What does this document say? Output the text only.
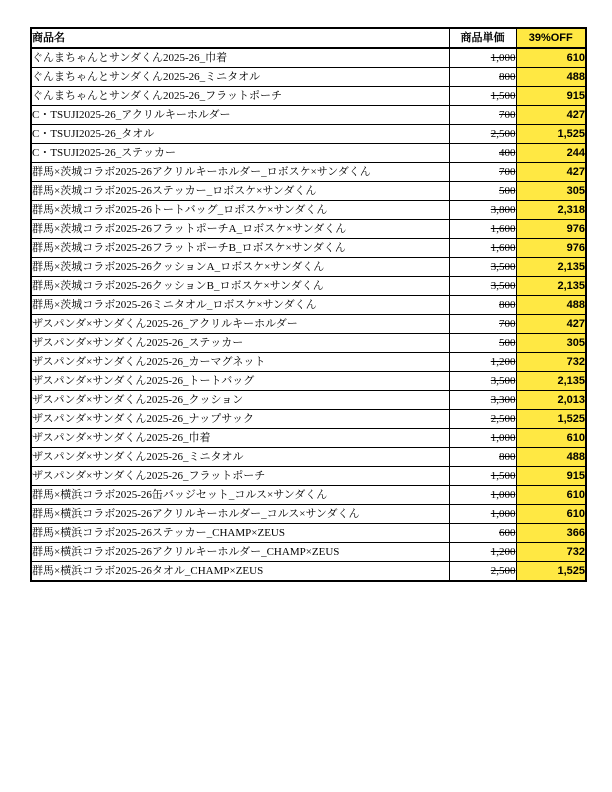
商品名	商品単価	39%OFF
ぐんまちゃんとサンダくん2025-26_巾着	1,000	610
ぐんまちゃんとサンダくん2025-26_ミニタオル	800	488
ぐんまちゃんとサンダくん2025-26_フラットポーチ	1,500	915
C・TSUJI2025-26_アクリルキーホルダー	700	427
C・TSUJI2025-26_タオル	2,500	1,525
C・TSUJI2025-26_ステッカー	400	244
群馬×茨城コラボ2025-26アクリルキーホルダー_ロボスケ×サンダくん	700	427
群馬×茨城コラボ2025-26ステッカー_ロボスケ×サンダくん	500	305
群馬×茨城コラボ2025-26トートバッグ_ロボスケ×サンダくん	3,800	2,318
群馬×茨城コラボ2025-26フラットポーチA_ロボスケ×サンダくん	1,600	976
群馬×茨城コラボ2025-26フラットポーチB_ロボスケ×サンダくん	1,600	976
群馬×茨城コラボ2025-26クッションA_ロボスケ×サンダくん	3,500	2,135
群馬×茨城コラボ2025-26クッションB_ロボスケ×サンダくん	3,500	2,135
群馬×茨城コラボ2025-26ミニタオル_ロボスケ×サンダくん	800	488
ザスパンダ×サンダくん2025-26_アクリルキーホルダー	700	427
ザスパンダ×サンダくん2025-26_ステッカー	500	305
ザスパンダ×サンダくん2025-26_カーマグネット	1,200	732
ザスパンダ×サンダくん2025-26_トートバッグ	3,500	2,135
ザスパンダ×サンダくん2025-26_クッション	3,300	2,013
ザスパンダ×サンダくん2025-26_ナップサック	2,500	1,525
ザスパンダ×サンダくん2025-26_巾着	1,000	610
ザスパンダ×サンダくん2025-26_ミニタオル	800	488
ザスパンダ×サンダくん2025-26_フラットポーチ	1,500	915
群馬×横浜コラボ2025-26缶バッジセット_コルス×サンダくん	1,000	610
群馬×横浜コラボ2025-26アクリルキーホルダー_コルス×サンダくん	1,000	610
群馬×横浜コラボ2025-26ステッカー_CHAMP×ZEUS	600	366
群馬×横浜コラボ2025-26アクリルキーホルダー_CHAMP×ZEUS	1,200	732
群馬×横浜コラボ2025-26タオル_CHAMP×ZEUS	2,500	1,525
